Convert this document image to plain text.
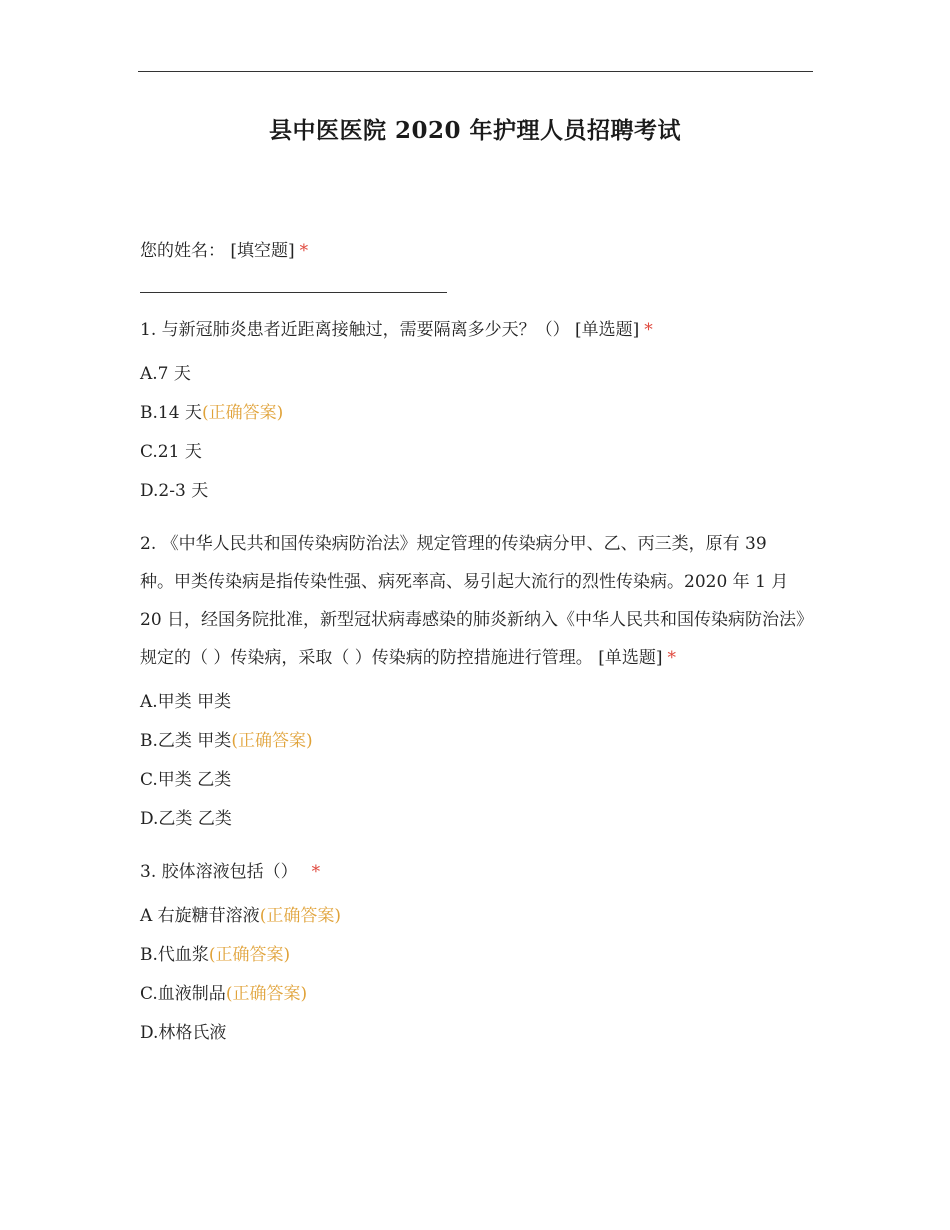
县中医医院 2020 年护理人员招聘考试

您的姓名： [填空题] *

1. 与新冠肺炎患者近距离接触过，需要隔离多少天？（） [单选题] *

A.7 天

B.14 天(正确答案)

C.21 天

D.2-3 天

2. 《中华人民共和国传染病防治法》规定管理的传染病分甲、乙、丙三类，原有 39 种。甲类传染病是指传染性强、病死率高、易引起大流行的烈性传染病。2020 年 1 月 20 日，经国务院批准，新型冠状病毒感染的肺炎新纳入《中华人民共和国传染病防治法》规定的（ ）传染病，采取（ ）传染病的防控措施进行管理。 [单选题] *

A.甲类 甲类

B.乙类 甲类(正确答案)

C.甲类 乙类

D.乙类 乙类

3. 胶体溶液包括（） *

A 右旋糖苷溶液(正确答案)

B.代血浆(正确答案)

C.血液制品(正确答案)

D.林格氏液
